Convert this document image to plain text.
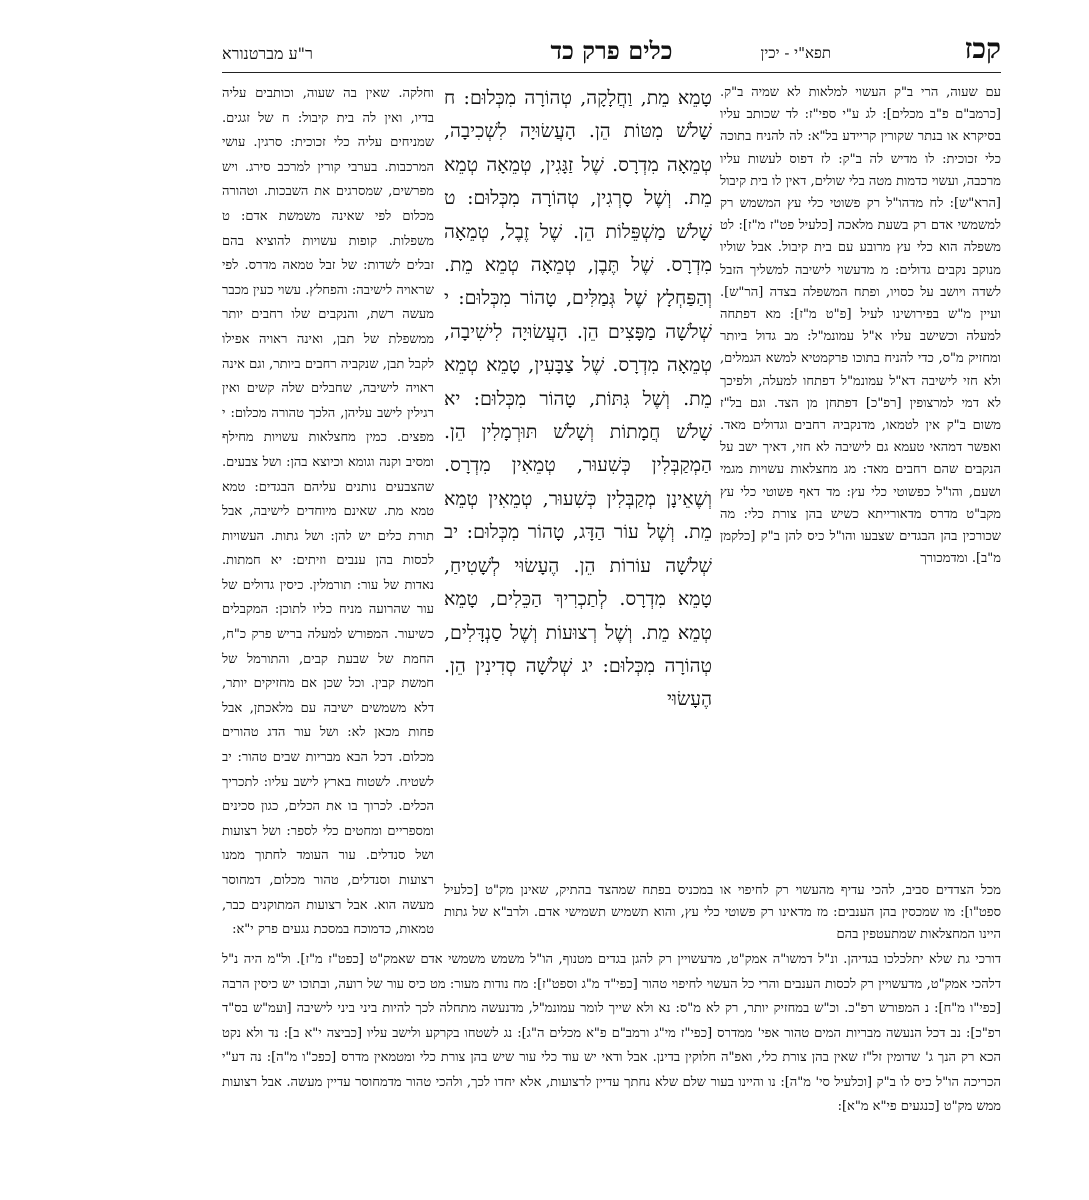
קכז
תפא"י - יכין
כלים פרק כד
ר"ע מברטנורא

עם שעוה, הרי ב"ק העשוי למלאות לא שמיה ב"ק. [כרמב"ם פ"ב מכלים]: לג ע"י ספי"ז: לד שכותב עליו בסיקרא או בנתר שקורין קריידע בל"א: לה להניח בתוכה כלי זכוכית: לו מדיש לה ב"ק: לז דפוס לעשות עליו מרכבה, ועשוי כדמות מטה בלי שולים, דאין לו בית קיבול [הרא"ש]: לח מדהו"ל רק פשוטי כלי עץ המשמש רק למשמשי אדם רק בשעת מלאכה [כלעיל פט"ז מ"ז]: לט משפלה הוא כלי עץ מרובע עם בית קיבול. אבל שוליו מנוקב נקבים גדולים: מ מדעשוי לישיבה למשליך הזבל לשדה ויושב על כסויו, ופתח המשפלה בצדה [הר"ש]. ועיין מ"ש בפירושינו לעיל [פ"ט מ"ז]: מא דפתחה למעלה וכשישב עליו א"ל עמונמ"ל: מב גדול ביותר ומחזיק מ"ס, כדי להניח בתוכו פרקמטיא למשא הגמלים, ולא חזי לישיבה דא"ל עמונמ"ל דפתחו למעלה, ולפיכך לא דמי למרצופין [רפ"כ] דפתחן מן הצד. וגם בל"ז משום ב"ק אין לטמאו, מדנקביה רחבים וגדולים מאד. ואפשר דמהאי טעמא גם לישיבה לא חזי, דאיך ישב על הנקבים שהם רחבים מאד: מג מחצלאות עשויות מגמי ושעם, והו"ל כפשוטי כלי עץ: מד דאף פשוטי כלי עץ מקב"ט מדרס מדאורייתא כשיש בהן צורת כלי: מה שכורכין בהן הבגדים שצבעו והו"ל כיס להן ב"ק [כלקמן מ"ב]. ומדמכורך

טָמֵא מֵת, וַחֲלָקָה, טְהוֹרָה מִכְּלוּם: ח שָׁלֹשׁ מִטּוֹת הֵן. הָעֲשׂוּיָה לִשְׁכִיבָה, טְמֵאָה מִדְרָס. שֶׁל זַגָּגִין, טְמֵאָה טְמֵא מֵת. וְשֶׁל סָרְגִין, טְהוֹרָה מִכְּלוּם: ט שָׁלֹשׁ מַשְׁפֵּלוֹת הֵן. שֶׁל זֶבֶל, טְמֵאָה מִדְרָס. שֶׁל תֶּבֶן, טְמֵאָה טְמֵא מֵת. וְהַפַּחְלָץ שֶׁל גְּמַלִּים, טָהוֹר מִכְּלוּם: י שְׁלֹשָׁה מַפָּצִים הֵן. הָעֲשׂוּיָה לִישִׁיבָה, טְמֵאָה מִדְרָס. שֶׁל צַבָּעִין, טָמֵא טְמֵא מֵת. וְשֶׁל גִּתּוֹת, טָהוֹר מִכְּלוּם: יא שָׁלֹשׁ חֲמָתוֹת וְשָׁלֹשׁ תּוּרְמָלִין הֵן. הַמְקַבְּלִין כְּשִׁעוּר, טְמֵאִין מִדְרָס. וְשֶׁאֵינָן מְקַבְּלִין כְּשִׁעוּר, טְמֵאִין טְמֵא מֵת. וְשֶׁל עוֹר הַדָּג, טָהוֹר מִכְּלוּם: יב שְׁלֹשָׁה עוֹרוֹת הֵן. הֶעָשׂוּי לְשָׁטִיחַ, טָמֵא מִדְרָס. לְתַכְרִיךְ הַכֵּלִים, טָמֵא טְמֵא מֵת. וְשֶׁל רְצוּעוֹת וְשֶׁל סַנְדָּלִים, טְהוֹרָה מִכְּלוּם: יג שְׁלֹשָׁה סְדִינִין הֵן. הֶעָשׂוּי

וחלקה. שאין בה שעוה, וכותבים עליה בדיו, ואין לה בית קיבול: ח של זגגים. שמניחים עליה כלי זכוכית: סרגין. עושי המרכבות. בערבי קורין למרכב סירג. ויש מפרשים, שמסרגים את השבכות. וטהורה מכלום לפי שאינה משמשת אדם: ט משפלות. קופות עשויות להוציא בהם זבלים לשדות: של זבל טמאה מדרס. לפי שראויה לישיבה: והפחלץ. עשוי כעין מכבר מעשה רשת, והנקבים שלו רחבים יותר ממשפלת של תבן, ואינה ראויה אפילו לקבל תבן, שנקביה רחבים ביותר, וגם אינה ראויה לישיבה, שחבלים שלה קשים ואין רגילין לישב עליהן, הלכך טהורה מכלום: י מפצים. כמין מחצלאות עשויות מחילף ומסיב וקנה וגומא וכיוצא בהן: ושל צבעים. שהצבעים נותנים עליהם הבגדים: טמא טמא מת. שאינם מיוחדים לישיבה, אבל תורת כלים יש להן: ושל גתות. העשויות לכסות בהן ענבים וזיתים: יא חמתות. נאדות של עור: תורמלין. כיסין גדולים של עור שהרועה מניח כליו לתוכן: המקבלים כשיעור. המפורש למעלה בריש פרק כ"ח, החמת של שבעת קבים, והתורמל של חמשת קבין. וכל שכן אם מחזיקים יותר, דלא משמשים ישיבה עם מלאכתן, אבל פחות מכאן לא: ושל עור הדג טהורים מכלום. דכל הבא מבריות שבים טהור: יב לשטיח. לשטוח בארץ לישב עליו: לתכריך הכלים. לכרוך בו את הכלים, כגון סכינים ומספריים ומחטים כלי לספר: ושל רצועות ושל סנדלים. עור העומד לחתוך ממנו רצועות וסנדלים, טהור מכלום, דמחוסר מעשה הוא. אבל רצועות המתוקנים כבר, טמאות, כדמוכח במסכת נגעים פרק י"א:

מכל הצדדים סביב, להכי עדיף מהעשוי רק לחיפוי או במכניס בפתח שמהצד בהתיק, שאינן מק"ט [כלעיל ספט"ו]: מו שמכסין בהן הענבים: מז מדאינו רק פשוטי כלי עץ, והוא תשמיש תשמישי אדם. ולרב"א של גתות היינו המחצלאות שמתעטפין בהם

דורכי גת שלא יתלכלכו בגדיהן. ונ"ל דמשו"ה אמק"ט, מדעשויין רק להגן בגדים מטנוף, הו"ל משמש משמשי אדם שאמק"ט [כפט"ז מ"ז]. ול"מ היה נ"ל דלהכי אמק"ט, מדעשויין רק לכסות הענבים והרי כל העשוי לחיפוי טהור [כפי"ד מ"ג וספט"ז]: מח נודות מעור: מט כיס עור של רועה, ובתוכו יש כיסין הרבה [כפי"ו מ"ח]: נ המפורש רפ"כ. וכ"ש במחזיק יותר, רק לא מ"ס: נא ולא שייך לומר עמונמ"ל, מדנעשה מתחלה לכך להיות ביני ביני לישיבה [ועמ"ש בס"ד רפ"כ]: נב דכל הנעשה מבריות המים טהור אפי' ממדרס [כפי"ז מי"ג ורמב"ם פ"א מכלים ה"ג]: נג לשטחו בקרקע ולישב עליו [כביצה י"א ב]: נד ולא נקט הכא רק הנך ג' שדומין זל"ז שאין בהן צורת כלי, ואפ"ה חלוקין בדינן. אבל ודאי יש עוד כלי עור שיש בהן צורת כלי ומטמאין מדרס [כפכ"ו מ"ה]: נה דע"י הכריכה הו"ל כיס לו ב"ק [וכלעיל סי' מ"ה]: נו והיינו בעור שלם שלא נחתך עדיין לרצועות, אלא יחדו לכך, ולהכי טהור מדמחוסר עדיין מעשה. אבל רצועות ממש מק"ט [כנגעים פי"א מ"א]:
